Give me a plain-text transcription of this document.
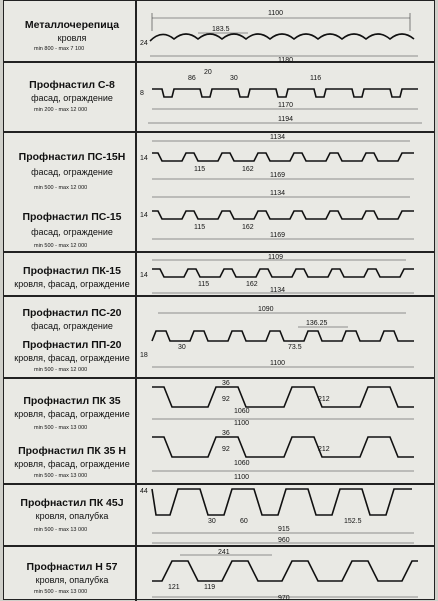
Металлочерепица
кровля
min 800 - max 7 100
1100
183.5
24
1180
Профнастил С-8
фасад, ограждение
min 200 - max 12 000
86
20
30	116
8
1170
1194
Профнастил ПС-15Н
фасад, ограждение
min 500 - max 12 000
Профнастил ПС-15
фасад, ограждение
min 500 - max 12 000
1134
14
115	162
1169
1134
14
115	162
1169
Профнастил ПК-15
кровля, фасад, ограждение
1109
14
115	162
1134
Профнастил ПС-20
фасад, ограждение
Профнастил ПП-20
кровля, фасад, ограждение
min 500 - max 12 000
1090
136.25
30
18
73.5
1100
Профнастил ПК 35
кровля, фасад, ограждение
min 500 - max 13 000
Профнастил ПК 35 Н
кровля, фасад, ограждение
min 500 - max 13 000
36
92	212
1060
1100
36
92	212
1060
1100
Профнастил ПК 45J
кровля, опалубка
min 500 - max 13 000
44
30	60	152.5
915
960
Профнастил Н 57
кровля, опалубка
min 500 - max 13 000
241
121	119
970
